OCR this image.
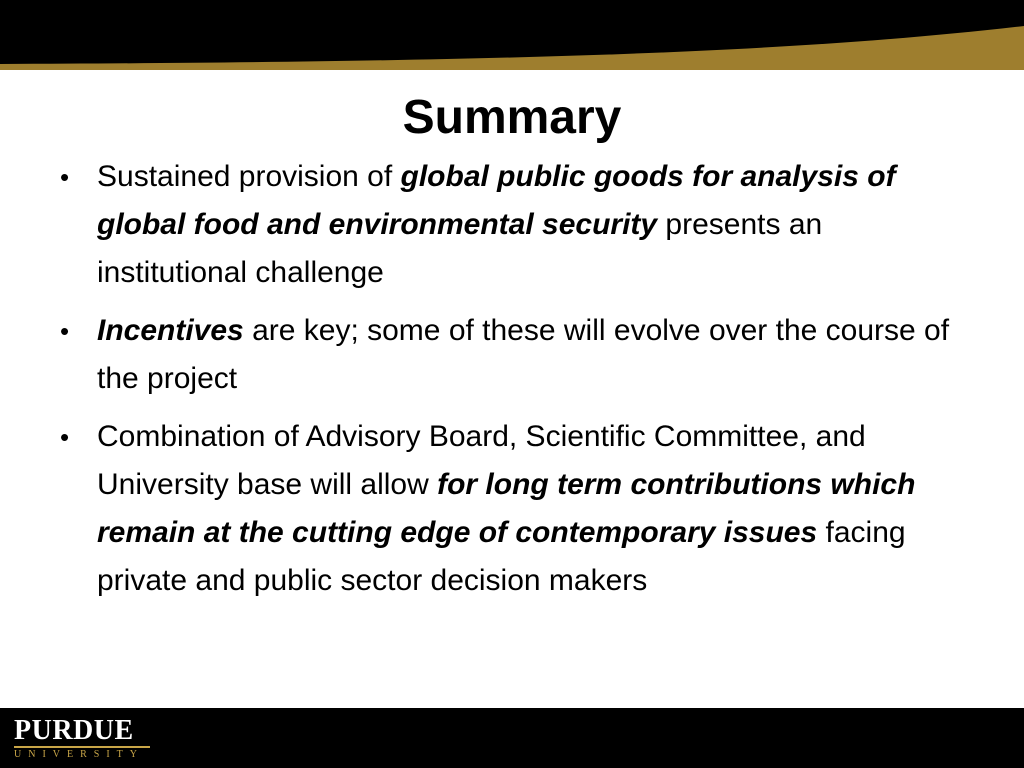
Summary
• Sustained provision of global public goods for analysis of global food and environmental security presents an institutional challenge
• Incentives are key; some of these will evolve over the course of the project
• Combination of Advisory Board, Scientific Committee, and University base will allow for long term contributions which remain at the cutting edge of contemporary issues facing private and public sector decision makers
PURDUE
UNIVERSITY
